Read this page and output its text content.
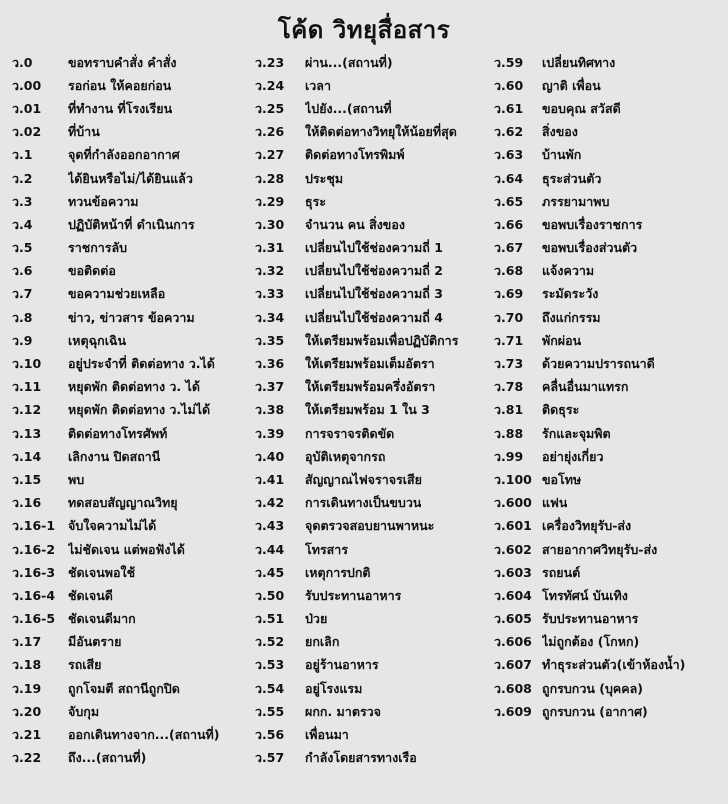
โค้ด วิทยุสื่อสาร
ว.0	ขอทราบคำสั่ง คำสั่ง
ว.00	รอก่อน ให้คอยก่อน
ว.01	ที่ทำงาน ที่โรงเรียน
ว.02	ที่บ้าน
ว.1	จุดที่กำลังออกอากาศ
ว.2	ได้ยินหรือไม่/ได้ยินแล้ว
ว.3	ทวนข้อความ
ว.4	ปฏิบัติหน้าที่ ดำเนินการ
ว.5	ราชการลับ
ว.6	ขอติดต่อ
ว.7	ขอความช่วยเหลือ
ว.8	ข่าว, ข่าวสาร ข้อความ
ว.9	เหตุฉุกเฉิน
ว.10	อยู่ประจำที่ ติดต่อทาง ว.ได้
ว.11	หยุดพัก ติดต่อทาง ว. ได้
ว.12	หยุดพัก ติดต่อทาง ว.ไม่ได้
ว.13	ติดต่อทางโทรศัพท์
ว.14	เลิกงาน ปิดสถานี
ว.15	พบ
ว.16	ทดสอบสัญญาณวิทยุ
ว.16-1	จับใจความไม่ได้
ว.16-2	ไม่ชัดเจน แต่พอฟังได้
ว.16-3	ชัดเจนพอใช้
ว.16-4	ชัดเจนดี
ว.16-5	ชัดเจนดีมาก
ว.17	มีอันตราย
ว.18	รถเสีย
ว.19	ถูกโจมตี สถานีถูกปิด
ว.20	จับกุม
ว.21	ออกเดินทางจาก...(สถานที่)
ว.22	ถึง...(สถานที่)
ว.23	ผ่าน...(สถานที่)
ว.24	เวลา
ว.25	ไปยัง...(สถานที่
ว.26	ให้ติดต่อทางวิทยุให้น้อยที่สุด
ว.27	ติดต่อทางโทรพิมพ์
ว.28	ประชุม
ว.29	ธุระ
ว.30	จำนวน คน สิ่งของ
ว.31	เปลี่ยนไปใช้ช่องความถี่ 1
ว.32	เปลี่ยนไปใช้ช่องความถี่ 2
ว.33	เปลี่ยนไปใช้ช่องความถี่ 3
ว.34	เปลี่ยนไปใช้ช่องความถี่ 4
ว.35	ให้เตรียมพร้อมเพื่อปฏิบัติการ
ว.36	ให้เตรียมพร้อมเต็มอัตรา
ว.37	ให้เตรียมพร้อมครึ่งอัตรา
ว.38	ให้เตรียมพร้อม 1 ใน 3
ว.39	การจราจรติดขัด
ว.40	อุบัติเหตุจากรถ
ว.41	สัญญาณไฟจราจรเสีย
ว.42	การเดินทางเป็นขบวน
ว.43	จุดตรวจสอบยานพาหนะ
ว.44	โทรสาร
ว.45	เหตุการปกติ
ว.50	รับประทานอาหาร
ว.51	ป่วย
ว.52	ยกเลิก
ว.53	อยู่ร้านอาหาร
ว.54	อยู่โรงแรม
ว.55	ผกก. มาตรวจ
ว.56	เพื่อนมา
ว.57	กำลังโดยสารทางเรือ
ว.59	เปลี่ยนทิศทาง
ว.60	ญาติ เพื่อน
ว.61	ขอบคุณ สวัสดี
ว.62	สิ่งของ
ว.63	บ้านพัก
ว.64	ธุระส่วนตัว
ว.65	ภรรยามาพบ
ว.66	ขอพบเรื่องราชการ
ว.67	ขอพบเรื่องส่วนตัว
ว.68	แจ้งความ
ว.69	ระมัดระวัง
ว.70	ถึงแก่กรรม
ว.71	พักผ่อน
ว.73	ด้วยความปรารถนาดี
ว.78	คลื่นอื่นมาแทรก
ว.81	ติดธุระ
ว.88	รักและจุมพิต
ว.99	อย่ายุ่งเกี่ยว
ว.100 ขอโทษ
ว.600 แฟน
ว.601 เครื่องวิทยุรับ-ส่ง
ว.602 สายอากาศวิทยุรับ-ส่ง
ว.603 รถยนต์
ว.604 โทรทัศน์ บันเทิง
ว.605 รับประทานอาหาร
ว.606 ไม่ถูกต้อง (โกหก)
ว.607 ทำธุระส่วนตัว(เข้าห้องน้ำ)
ว.608 ถูกรบกวน (บุคคล)
ว.609 ถูกรบกวน (อากาศ)
